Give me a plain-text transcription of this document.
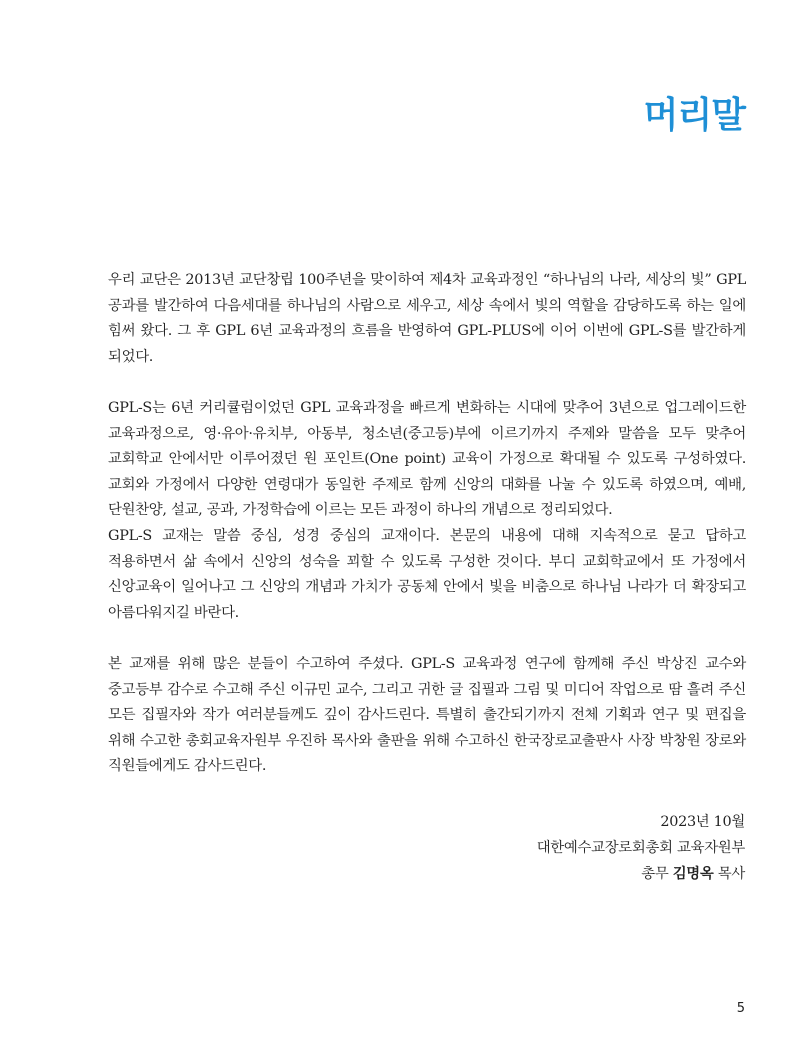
머리말

우리 교단은 2013년 교단창립 100주년을 맞이하여 제4차 교육과정인 “하나님의 나라, 세상의 빛” GPL 공과를 발간하여 다음세대를 하나님의 사람으로 세우고, 세상 속에서 빛의 역할을 감당하도록 하는 일에 힘써 왔다. 그 후 GPL 6년 교육과정의 흐름을 반영하여 GPL-PLUS에 이어 이번에 GPL-S를 발간하게 되었다.

GPL-S는 6년 커리큘럼이었던 GPL 교육과정을 빠르게 변화하는 시대에 맞추어 3년으로 업그레이드한 교육과정으로, 영·유아·유치부, 아동부, 청소년(중고등)부에 이르기까지 주제와 말씀을 모두 맞추어 교회학교 안에서만 이루어졌던 원 포인트(One point) 교육이 가정으로 확대될 수 있도록 구성하였다. 교회와 가정에서 다양한 연령대가 동일한 주제로 함께 신앙의 대화를 나눌 수 있도록 하였으며, 예배, 단원찬양, 설교, 공과, 가정학습에 이르는 모든 과정이 하나의 개념으로 정리되었다.

GPL-S 교재는 말씀 중심, 성경 중심의 교재이다. 본문의 내용에 대해 지속적으로 묻고 답하고 적용하면서 삶 속에서 신앙의 성숙을 꾀할 수 있도록 구성한 것이다. 부디 교회학교에서 또 가정에서 신앙교육이 일어나고 그 신앙의 개념과 가치가 공동체 안에서 빛을 비춤으로 하나님 나라가 더 확장되고 아름다워지길 바란다.

본 교재를 위해 많은 분들이 수고하여 주셨다. GPL-S 교육과정 연구에 함께해 주신 박상진 교수와 중고등부 감수로 수고해 주신 이규민 교수, 그리고 귀한 글 집필과 그림 및 미디어 작업으로 땀 흘려 주신 모든 집필자와 작가 여러분들께도 깊이 감사드린다. 특별히 출간되기까지 전체 기획과 연구 및 편집을 위해 수고한 총회교육자원부 우진하 목사와 출판을 위해 수고하신 한국장로교출판사 사장 박창원 장로와 직원들에게도 감사드린다.

2023년 10월
대한예수교장로회총회 교육자원부
총무 김명옥 목사
5
